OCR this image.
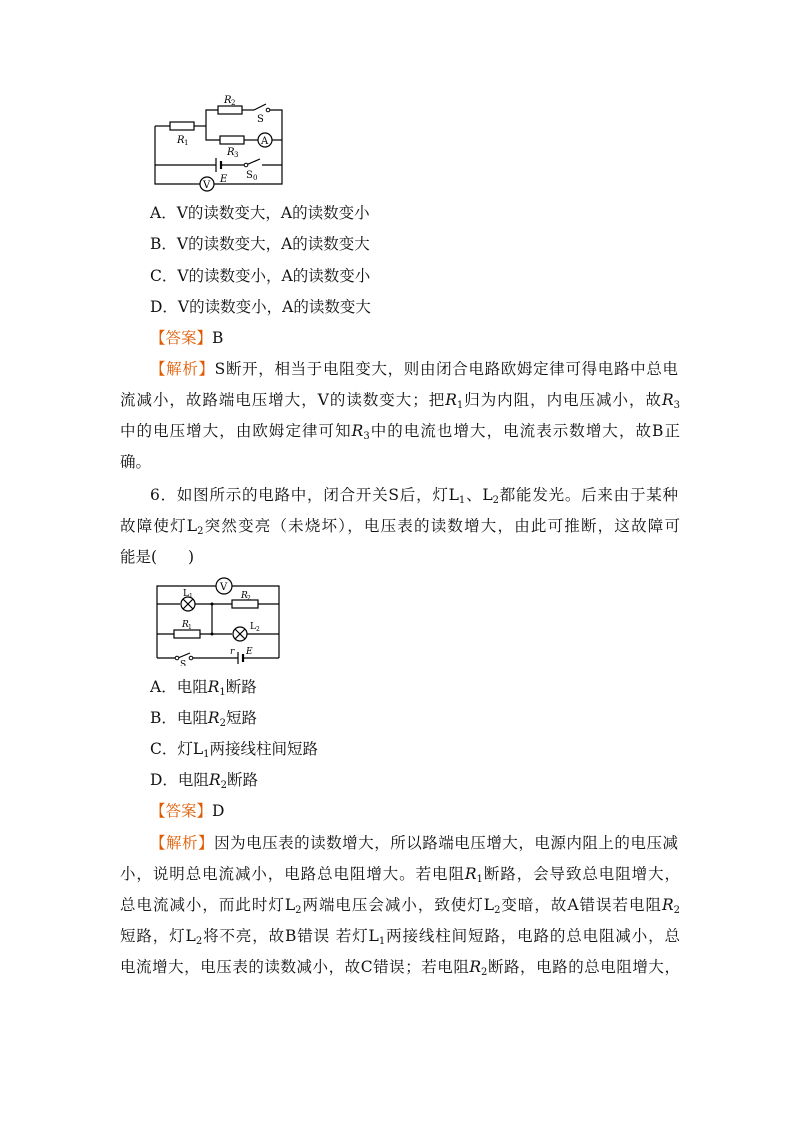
R 2
S
R 1	A
R 3
E S 0
V
A．V的读数变大，A的读数变小
B．V的读数变大，A的读数变大
C．V的读数变小，A的读数变小
D．V的读数变小，A的读数变大
【答案】B
【解析】S断开，相当于电阻变大，则由闭合电路欧姆定律可得电路中总电
流减小，故路端电压增大，V的读数变大；把$R_1$归为内阻，内电压减小，故$R_3$
中的电压增大，由欧姆定律可知$R_3$中的电流也增大，电流表示数增大，故B正
确。
6．如图所示的电路中，闭合开关S后，灯$L_1$、$L_2$都能发光。后来由于某种
故障使灯$L_2$突然变亮（未烧坏），电压表的读数增大，由此可推断，这故障可
能是(　　)
V
L 1	R 2
R 1	L 2
S
r E
A．电阻$R_1$断路
B．电阻$R_2$短路
C．灯$L_1$两接线柱间短路
D．电阻$R_2$断路
【答案】D
【解析】因为电压表的读数增大，所以路端电压增大，电源内阻上的电压减
小，说明总电流减小，电路总电阻增大。若电阻$R_1$断路，会导致总电阻增大，
总电流减小，而此时灯$L_2$两端电压会减小，致使灯$L_2$变暗，故A错误若电阻$R_2$
短路，灯$L_2$将不亮，故B错误 若灯$L_1$两接线柱间短路，电路的总电阻减小，总
电流增大，电压表的读数减小，故C错误；若电阻$R_2$断路，电路的总电阻增大，
